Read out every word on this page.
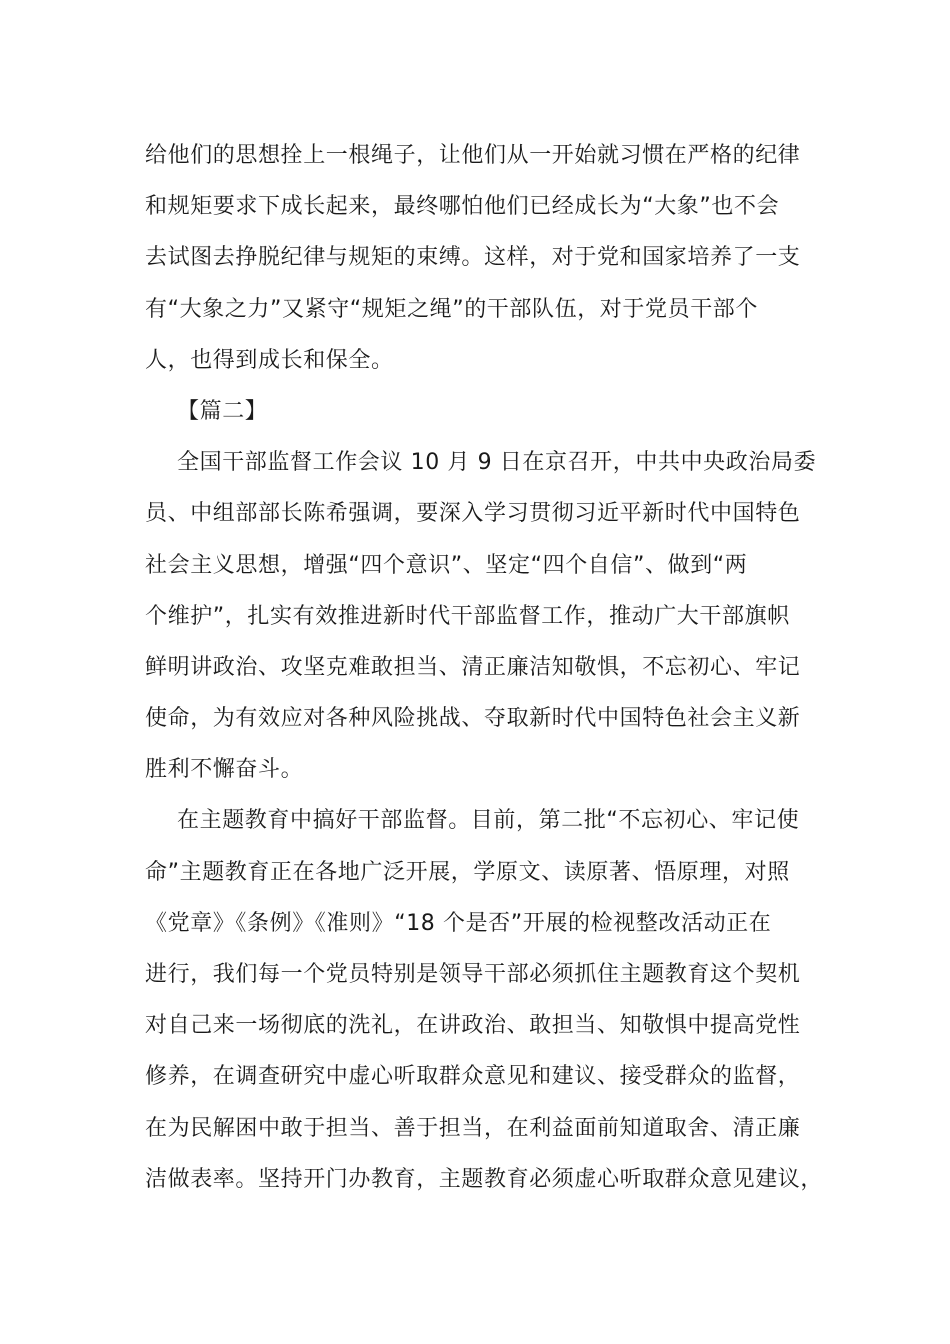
给他们的思想拴上一根绳子，让他们从一开始就习惯在严格的纪律
和规矩要求下成长起来，最终哪怕他们已经成长为“大象”也不会
去试图去挣脱纪律与规矩的束缚。这样，对于党和国家培养了一支
有“大象之力”又紧守“规矩之绳”的干部队伍，对于党员干部个
人，也得到成长和保全。
【篇二】
全国干部监督工作会议 10 月 9 日在京召开，中共中央政治局委
员、中组部部长陈希强调，要深入学习贯彻习近平新时代中国特色
社会主义思想，增强“四个意识”、坚定“四个自信”、做到“两
个维护”，扎实有效推进新时代干部监督工作，推动广大干部旗帜
鲜明讲政治、攻坚克难敢担当、清正廉洁知敬惧，不忘初心、牢记
使命，为有效应对各种风险挑战、夺取新时代中国特色社会主义新
胜利不懈奋斗。
在主题教育中搞好干部监督。目前，第二批“不忘初心、牢记使
命”主题教育正在各地广泛开展，学原文、读原著、悟原理，对照
《党章》《条例》《准则》“18 个是否”开展的检视整改活动正在
进行，我们每一个党员特别是领导干部必须抓住主题教育这个契机
对自己来一场彻底的洗礼，在讲政治、敢担当、知敬惧中提高党性
修养，在调查研究中虚心听取群众意见和建议、接受群众的监督，
在为民解困中敢于担当、善于担当，在利益面前知道取舍、清正廉
洁做表率。坚持开门办教育，主题教育必须虚心听取群众意见建议，
